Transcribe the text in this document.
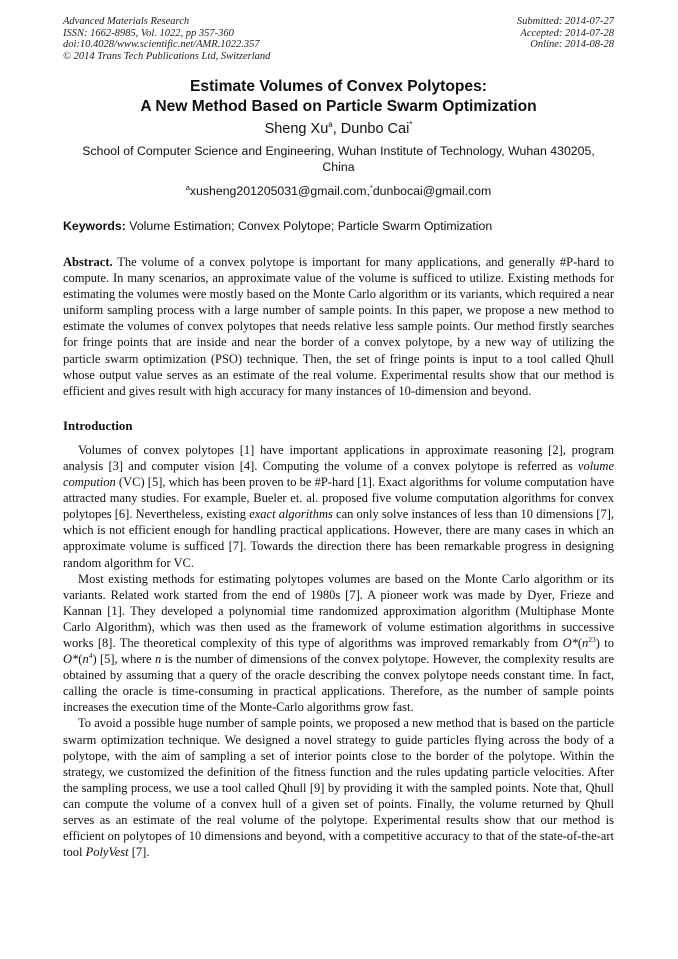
Advanced Materials Research
ISSN: 1662-8985, Vol. 1022, pp 357-360
doi:10.4028/www.scientific.net/AMR.1022.357
© 2014 Trans Tech Publications Ltd, Switzerland
Submitted: 2014-07-27
Accepted: 2014-07-28
Online: 2014-08-28
Estimate Volumes of Convex Polytopes:
A New Method Based on Particle Swarm Optimization
Sheng Xu$^a$, Dunbo Cai*
School of Computer Science and Engineering, Wuhan Institute of Technology, Wuhan 430205,
China
$^a$xusheng201205031@gmail.com,*dunbocai@gmail.com
Keywords: Volume Estimation; Convex Polytope; Particle Swarm Optimization
Abstract. The volume of a convex polytope is important for many applications, and generally #P-hard to compute. In many scenarios, an approximate value of the volume is sufficed to utilize. Existing methods for estimating the volumes were mostly based on the Monte Carlo algorithm or its variants, which required a near uniform sampling process with a large number of sample points. In this paper, we propose a new method to estimate the volumes of convex polytopes that needs relative less sample points. Our method firstly searches for fringe points that are inside and near the border of a convex polytope, by a new way of utilizing the particle swarm optimization (PSO) technique. Then, the set of fringe points is input to a tool called Qhull whose output value serves as an estimate of the real volume. Experimental results show that our method is efficient and gives result with high accuracy for many instances of 10-dimension and beyond.
Introduction

Volumes of convex polytopes [1] have important applications in approximate reasoning [2], program analysis [3] and computer vision [4]. Computing the volume of a convex polytope is referred as volume compution (VC) [5], which has been proven to be #P-hard [1]. Exact algorithms for volume computation have attracted many studies. For example, Bueler et. al. proposed five volume computation algorithms for convex polytopes [6]. Nevertheless, existing exact algorithms can only solve instances of less than 10 dimensions [7], which is not efficient enough for handling practical applications. However, there are many cases in which an approximate volume is sufficed [7]. Towards the direction there has been remarkable progress in designing random algorithm for VC.

Most existing methods for estimating polytopes volumes are based on the Monte Carlo algorithm or its variants. Related work started from the end of 1980s [7]. A pioneer work was made by Dyer, Frieze and Kannan [1]. They developed a polynomial time randomized approximation algorithm (Multiphase Monte Carlo Algorithm), which was then used as the framework of volume estimation algorithms in successive works [8]. The theoretical complexity of this type of algorithms was improved remarkably from $O*(n^{23})$ to $O*(n^4)$ [5], where n is the number of dimensions of the convex polytope. However, the complexity results are obtained by assuming that a query of the oracle describing the convex polytope needs constant time. In fact, calling the oracle is time-consuming in practical applications. Therefore, as the number of sample points increases the execution time of the Monte-Carlo algorithms grow fast.

To avoid a possible huge number of sample points, we proposed a new method that is based on the particle swarm optimization technique. We designed a novel strategy to guide particles flying across the body of a polytope, with the aim of sampling a set of interior points close to the border of the polytope. Within the strategy, we customized the definition of the fitness function and the rules updating particle velocities. After the sampling process, we use a tool called Qhull [9] by providing it with the sampled points. Note that, Qhull can compute the volume of a convex hull of a given set of points. Finally, the volume returned by Qhull serves as an estimate of the real volume of the polytope. Experimental results show that our method is efficient on polytopes of 10 dimensions and beyond, with a competitive accuracy to that of the state-of-the-art tool PolyVest [7].
